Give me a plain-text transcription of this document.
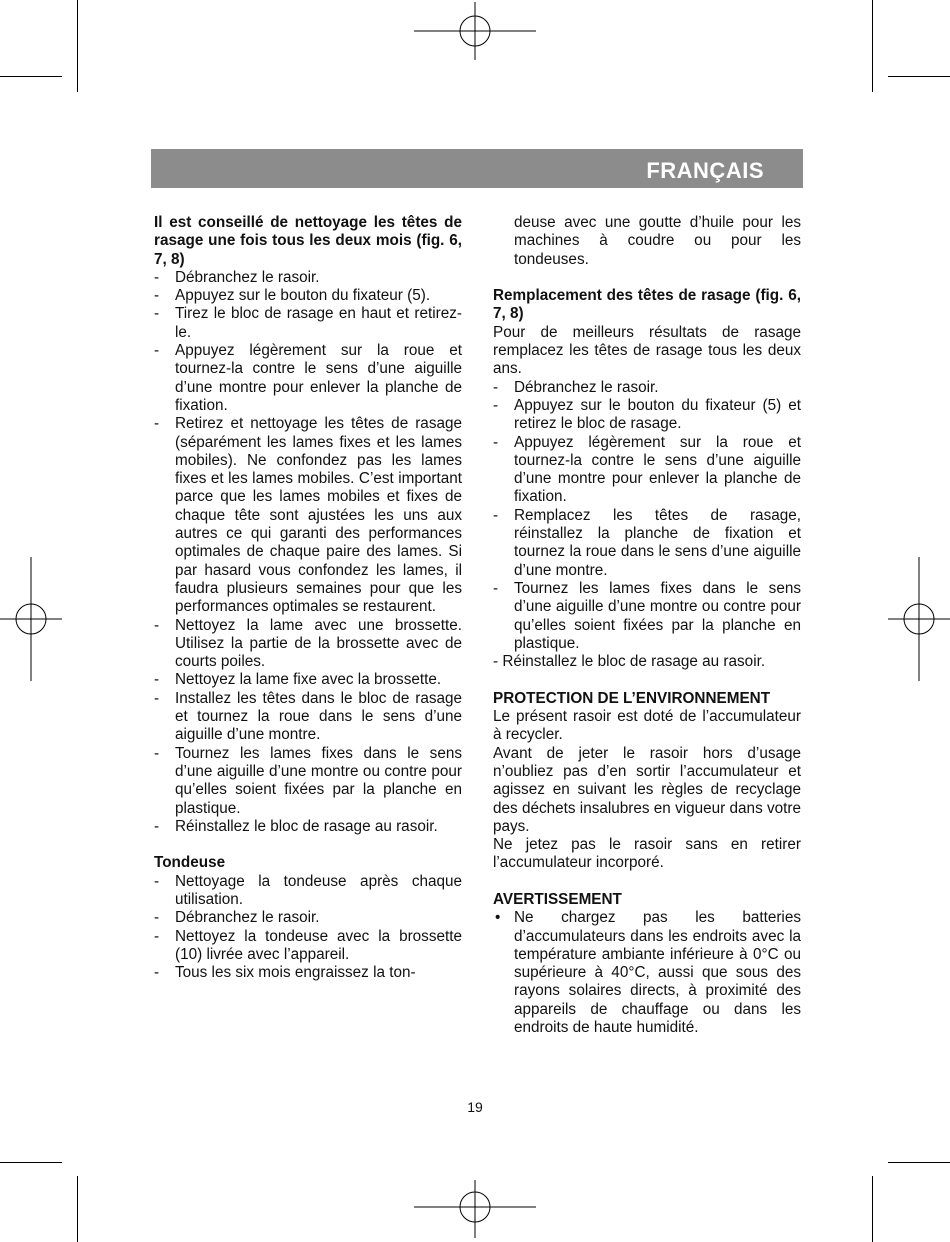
FRANÇAIS

Il est conseillé de nettoyage les têtes de rasage une fois tous les deux mois (fig. 6, 7, 8)

- Débranchez le rasoir.
- Appuyez sur le bouton du fixateur (5).
- Tirez le bloc de rasage en haut et retirez-le.
- Appuyez légèrement sur la roue et tournez-la contre le sens d’une aiguille d’une montre pour enlever la planche de fixation.
- Retirez et nettoyage les têtes de rasage (séparément les lames fixes et les lames mobiles). Ne confondez pas les lames fixes et les lames mobiles. C’est important parce que les lames mobiles et fixes de chaque tête sont ajustées les uns aux autres ce qui garanti des performances optimales de chaque paire des lames. Si par hasard vous confondez les lames, il faudra plusieurs semaines pour que les performances optimales se restaurent.
- Nettoyez la lame avec une brossette. Utilisez la partie de la brossette avec de courts poiles.
- Nettoyez la lame fixe avec la brossette.
- Installez les têtes dans le bloc de rasage et tournez la roue dans le sens d’une aiguille d’une montre.
- Tournez les lames fixes dans le sens d’une aiguille d’une montre ou contre pour qu’elles soient fixées par la planche en plastique.
- Réinstallez le bloc de rasage au rasoir.

Tondeuse

- Nettoyage la tondeuse après chaque utilisation.
- Débranchez le rasoir.
- Nettoyez la tondeuse avec la brossette (10) livrée avec l’appareil.
- Tous les six mois engraissez la ton-

deuse avec une goutte d’huile pour les machines à coudre ou pour les tondeuses.

Remplacement des têtes de rasage (fig. 6, 7, 8)

Pour de meilleurs résultats de rasage remplacez les têtes de rasage tous les deux ans.

- Débranchez le rasoir.
- Appuyez sur le bouton du fixateur (5) et retirez le bloc de rasage.
- Appuyez légèrement sur la roue et tournez-la contre le sens d’une aiguille d’une montre pour enlever la planche de fixation.
- Remplacez les têtes de rasage, réinstallez la planche de fixation et tournez la roue dans le sens d’une aiguille d’une montre.
- Tournez les lames fixes dans le sens d’une aiguille d’une montre ou contre pour qu’elles soient fixées par la planche en plastique.

- Réinstallez le bloc de rasage au rasoir.

PROTECTION DE L’ENVIRONNEMENT

Le présent rasoir est doté de l’accumulateur à recycler.

Avant de jeter le rasoir hors d’usage n’oubliez pas d’en sortir l’accumulateur et agissez en suivant les règles de recyclage des déchets insalubres en vigueur dans votre pays.

Ne jetez pas le rasoir sans en retirer l’accumulateur incorporé.

AVERTISSEMENT

• Ne chargez pas les batteries d’accumulateurs dans les endroits avec la température ambiante inférieure à 0°C ou supérieure à 40°C, aussi que sous des rayons solaires directs, à proximité des appareils de chauffage ou dans les endroits de haute humidité.
19
